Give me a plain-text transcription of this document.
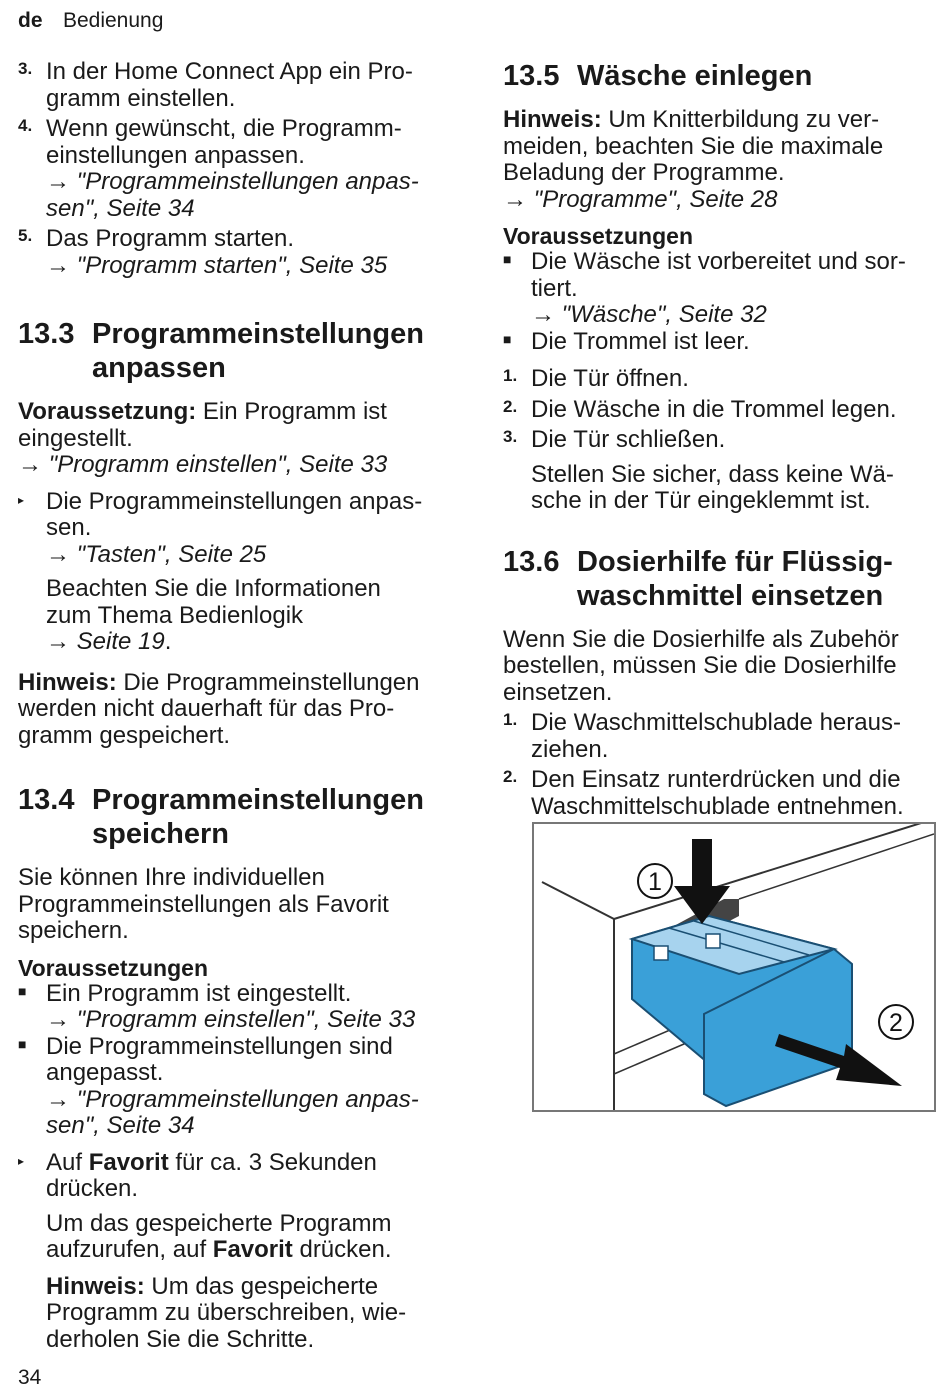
de Bedienung
3. In der Home Connect App ein Pro-
gramm einstellen.
4. Wenn gewünscht, die Programm-
einstellungen anpassen.
→ "Programmeinstellungen anpas-
sen", Seite 34
5. Das Programm starten.
→ "Programm starten", Seite 35
13.3 Programmeinstellungen
anpassen
Voraussetzung: Ein Programm ist
eingestellt.
→ "Programm einstellen", Seite 33
▸ Die Programmeinstellungen anpas-
sen.
→ "Tasten", Seite 25
Beachten Sie die Informationen
zum Thema Bedienlogik
→ Seite 19.
Hinweis: Die Programmeinstellungen
werden nicht dauerhaft für das Pro-
gramm gespeichert.
13.4 Programmeinstellungen
speichern
Sie können Ihre individuellen
Programmeinstellungen als Favorit
speichern.
Voraussetzungen
■ Ein Programm ist eingestellt.
→ "Programm einstellen", Seite 33
■ Die Programmeinstellungen sind
angepasst.
→ "Programmeinstellungen anpas-
sen", Seite 34
▸ Auf Favorit für ca. 3 Sekunden
drücken.
Um das gespeicherte Programm
aufzurufen, auf Favorit drücken.
Hinweis: Um das gespeicherte
Programm zu überschreiben, wie-
derholen Sie die Schritte.
13.5 Wäsche einlegen
Hinweis: Um Knitterbildung zu ver-
meiden, beachten Sie die maximale
Beladung der Programme.
→ "Programme", Seite 28
Voraussetzungen
■ Die Wäsche ist vorbereitet und sor-
tiert.
→ "Wäsche", Seite 32
■ Die Trommel ist leer.
1. Die Tür öffnen.
2. Die Wäsche in die Trommel legen.
3. Die Tür schließen.
Stellen Sie sicher, dass keine Wä-
sche in der Tür eingeklemmt ist.
13.6 Dosierhilfe für Flüssig-
waschmittel einsetzen
Wenn Sie die Dosierhilfe als Zubehör
bestellen, müssen Sie die Dosierhilfe
einsetzen.
1. Die Waschmittelschublade heraus-
ziehen.
2. Den Einsatz runterdrücken und die
Waschmittelschublade entnehmen.
1
2
34
